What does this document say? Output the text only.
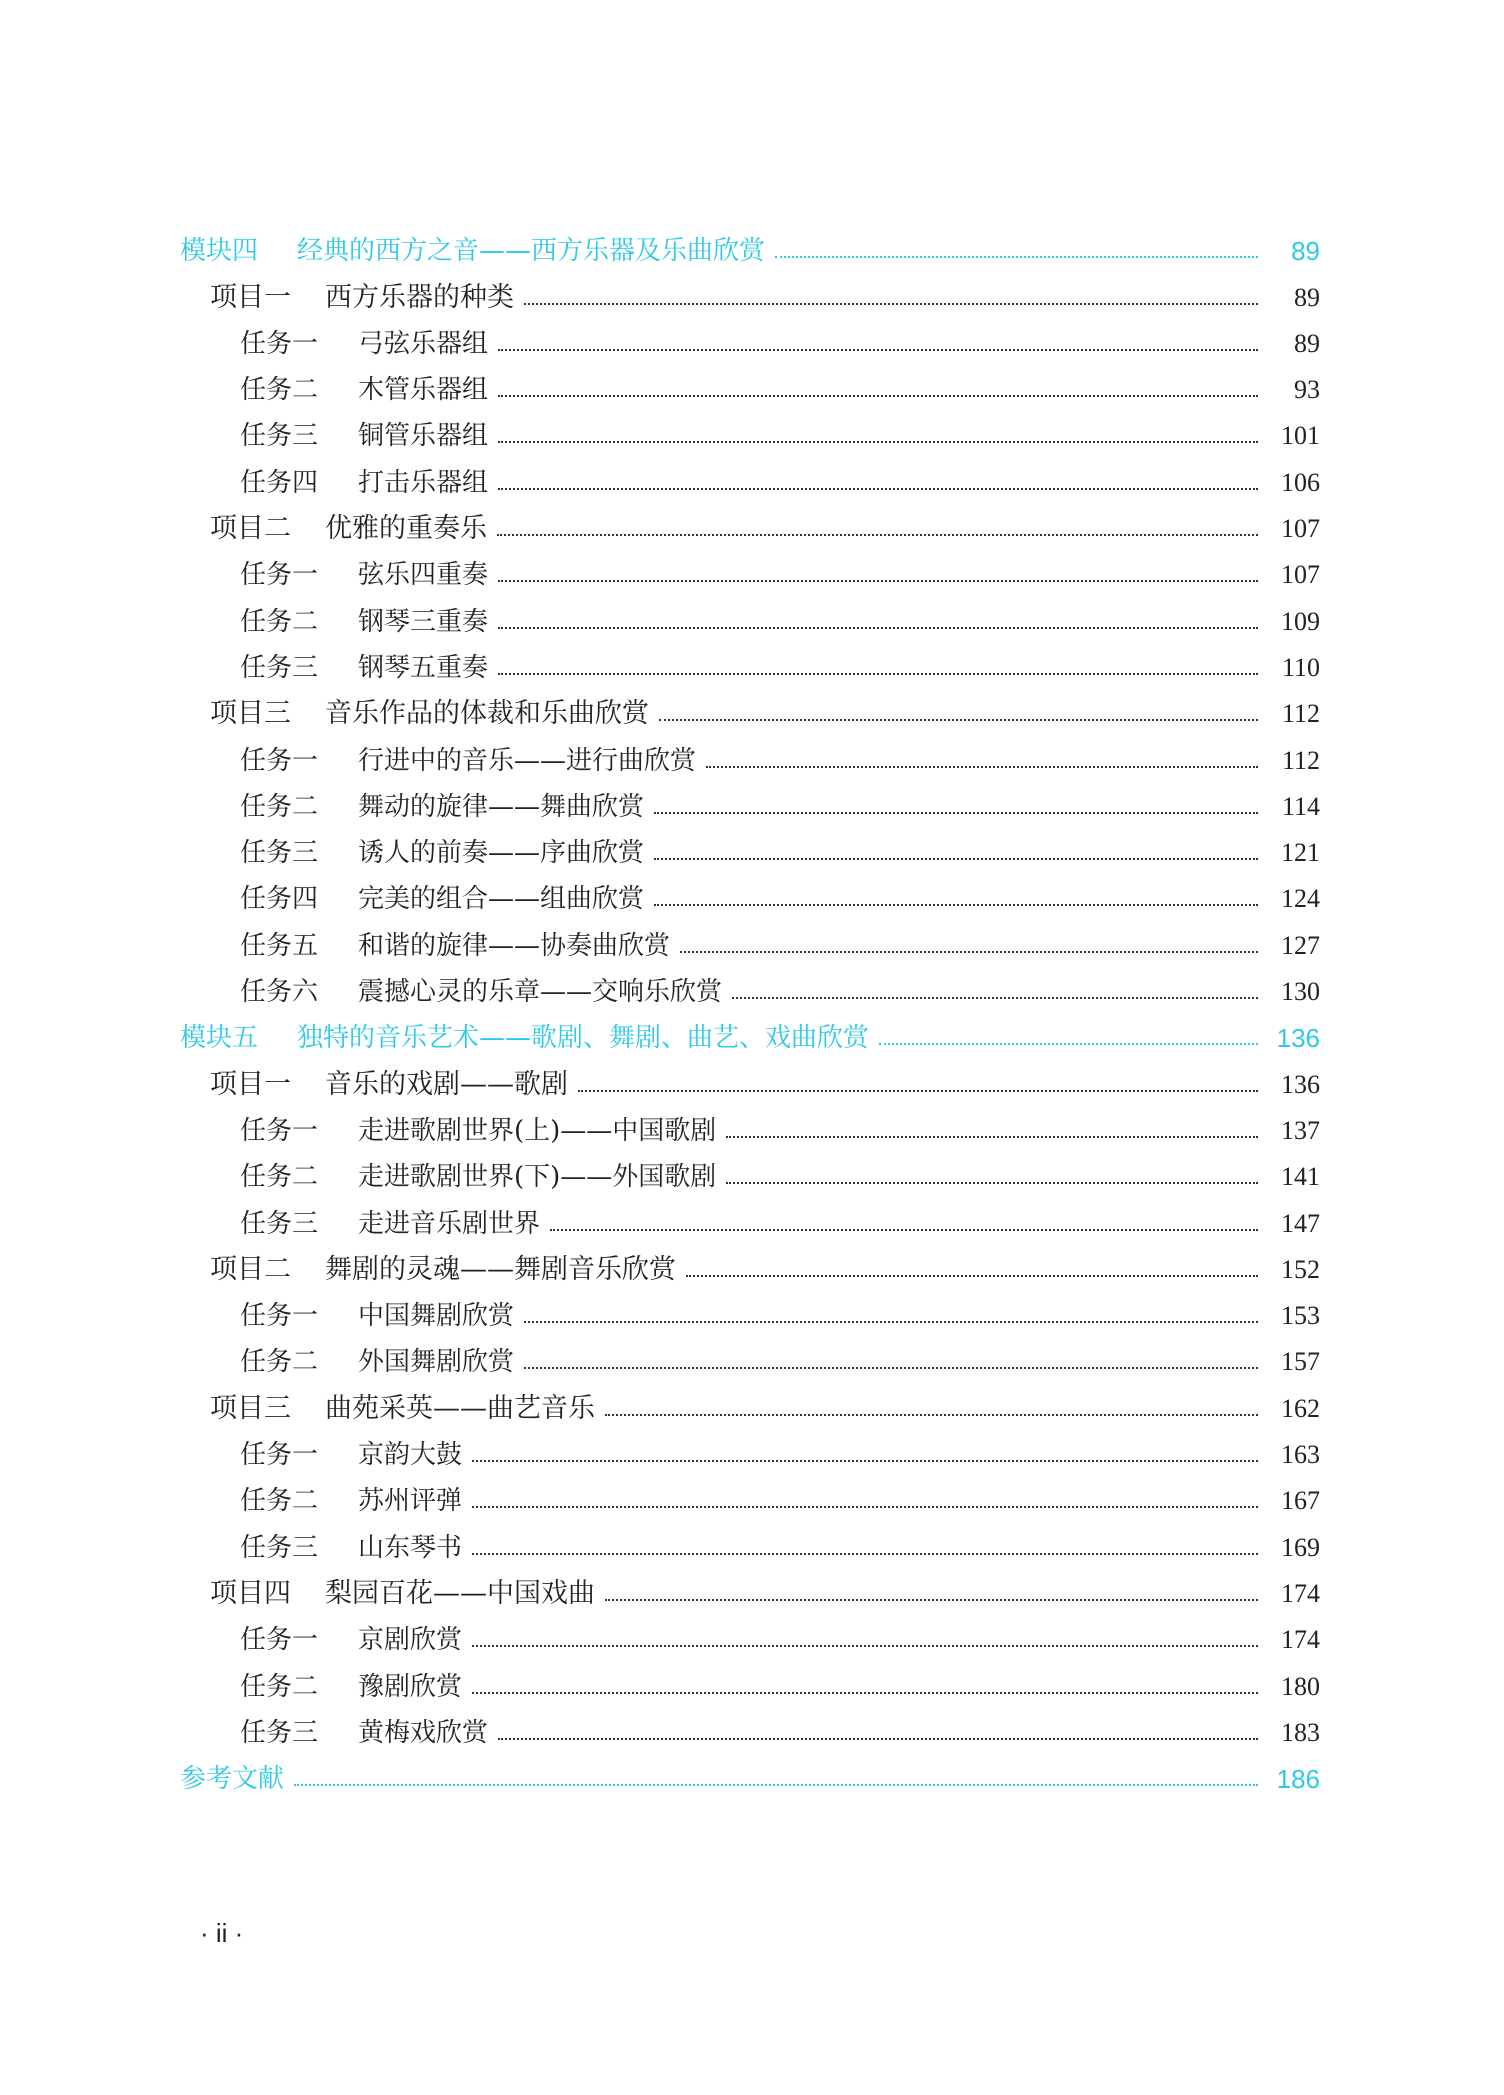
模块四	经典的西方之音——西方乐器及乐曲欣赏	89
项目一	西方乐器的种类	89
任务一	弓弦乐器组	89
任务二	木管乐器组	93
任务三	铜管乐器组	101
任务四	打击乐器组	106
项目二	优雅的重奏乐	107
任务一	弦乐四重奏	107
任务二	钢琴三重奏	109
任务三	钢琴五重奏	110
项目三	音乐作品的体裁和乐曲欣赏	112
任务一	行进中的音乐——进行曲欣赏	112
任务二	舞动的旋律——舞曲欣赏	114
任务三	诱人的前奏——序曲欣赏	121
任务四	完美的组合——组曲欣赏	124
任务五	和谐的旋律——协奏曲欣赏	127
任务六	震撼心灵的乐章——交响乐欣赏	130
模块五	独特的音乐艺术——歌剧、舞剧、曲艺、戏曲欣赏	136
项目一	音乐的戏剧——歌剧	136
任务一	走进歌剧世界(上)——中国歌剧	137
任务二	走进歌剧世界(下)——外国歌剧	141
任务三	走进音乐剧世界	147
项目二	舞剧的灵魂——舞剧音乐欣赏	152
任务一	中国舞剧欣赏	153
任务二	外国舞剧欣赏	157
项目三	曲苑采英——曲艺音乐	162
任务一	京韵大鼓	163
任务二	苏州评弹	167
任务三	山东琴书	169
项目四	梨园百花——中国戏曲	174
任务一	京剧欣赏	174
任务二	豫剧欣赏	180
任务三	黄梅戏欣赏	183
参考文献	186
· ii ·
